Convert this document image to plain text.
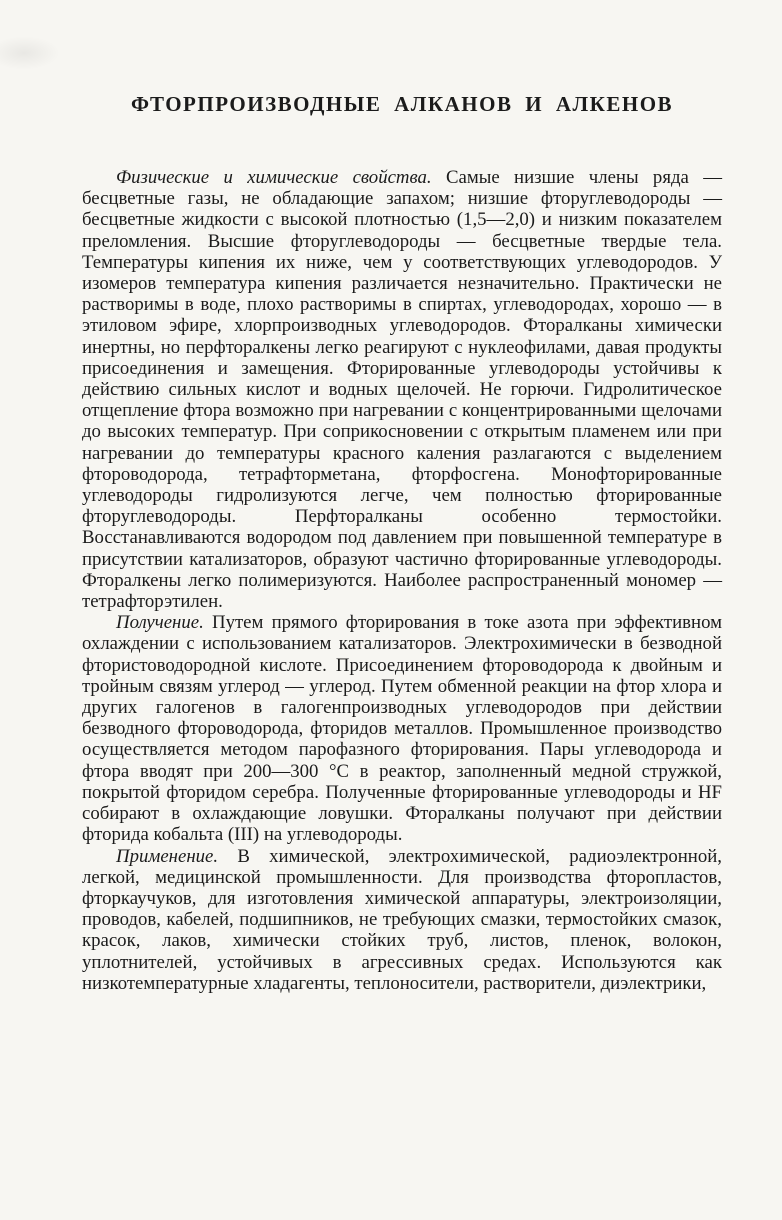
ФТОРПРОИЗВОДНЫЕ АЛКАНОВ И АЛКЕНОВ

Физические и химические свойства. Самые низшие члены ряда — бесцветные газы, не обладающие запахом; низшие фторуглеводороды — бесцветные жидкости с высокой плотностью (1,5—2,0) и низким показателем преломления. Высшие фторуглеводороды — бесцветные твердые тела. Температуры кипения их ниже, чем у соответствующих углеводородов. У изомеров температура кипения различается незначительно. Практически не растворимы в воде, плохо растворимы в спиртах, углеводородах, хорошо — в этиловом эфире, хлорпроизводных углеводородов. Фторалканы химически инертны, но перфторалкены легко реагируют с нуклеофилами, давая продукты присоединения и замещения. Фторированные углеводороды устойчивы к действию сильных кислот и водных щелочей. Не горючи. Гидролитическое отщепление фтора возможно при нагревании с концентрированными щелочами до высоких температур. При соприкосновении с открытым пламенем или при нагревании до температуры красного каления разлагаются с выделением фтороводорода, тетрафторметана, фторфосгена. Монофторированные углеводороды гидролизуются легче, чем полностью фторированные фторуглеводороды. Перфторалканы особенно термостойки. Восстанавливаются водородом под давлением при повышенной температуре в присутствии катализаторов, образуют частично фторированные углеводороды. Фторалкены легко полимеризуются. Наиболее распространенный мономер — тетрафторэтилен.

Получение. Путем прямого фторирования в токе азота при эффективном охлаждении с использованием катализаторов. Электрохимически в безводной фтористоводородной кислоте. Присоединением фтороводорода к двойным и тройным связям углерод — углерод. Путем обменной реакции на фтор хлора и других галогенов в галогенпроизводных углеводородов при действии безводного фтороводорода, фторидов металлов. Промышленное производство осуществляется методом парофазного фторирования. Пары углеводорода и фтора вводят при 200—300 °С в реактор, заполненный медной стружкой, покрытой фторидом серебра. Полученные фторированные углеводороды и HF собирают в охлаждающие ловушки. Фторалканы получают при действии фторида кобальта (III) на углеводороды.

Применение. В химической, электрохимической, радиоэлектронной, легкой, медицинской промышленности. Для производства фторопластов, фторкаучуков, для изготовления химической аппаратуры, электроизоляции, проводов, кабелей, подшипников, не требующих смазки, термостойких смазок, красок, лаков, химически стойких труб, листов, пленок, волокон, уплотнителей, устойчивых в агрессивных средах. Используются как низкотемпературные хладагенты, теплоносители, растворители, диэлектрики,
